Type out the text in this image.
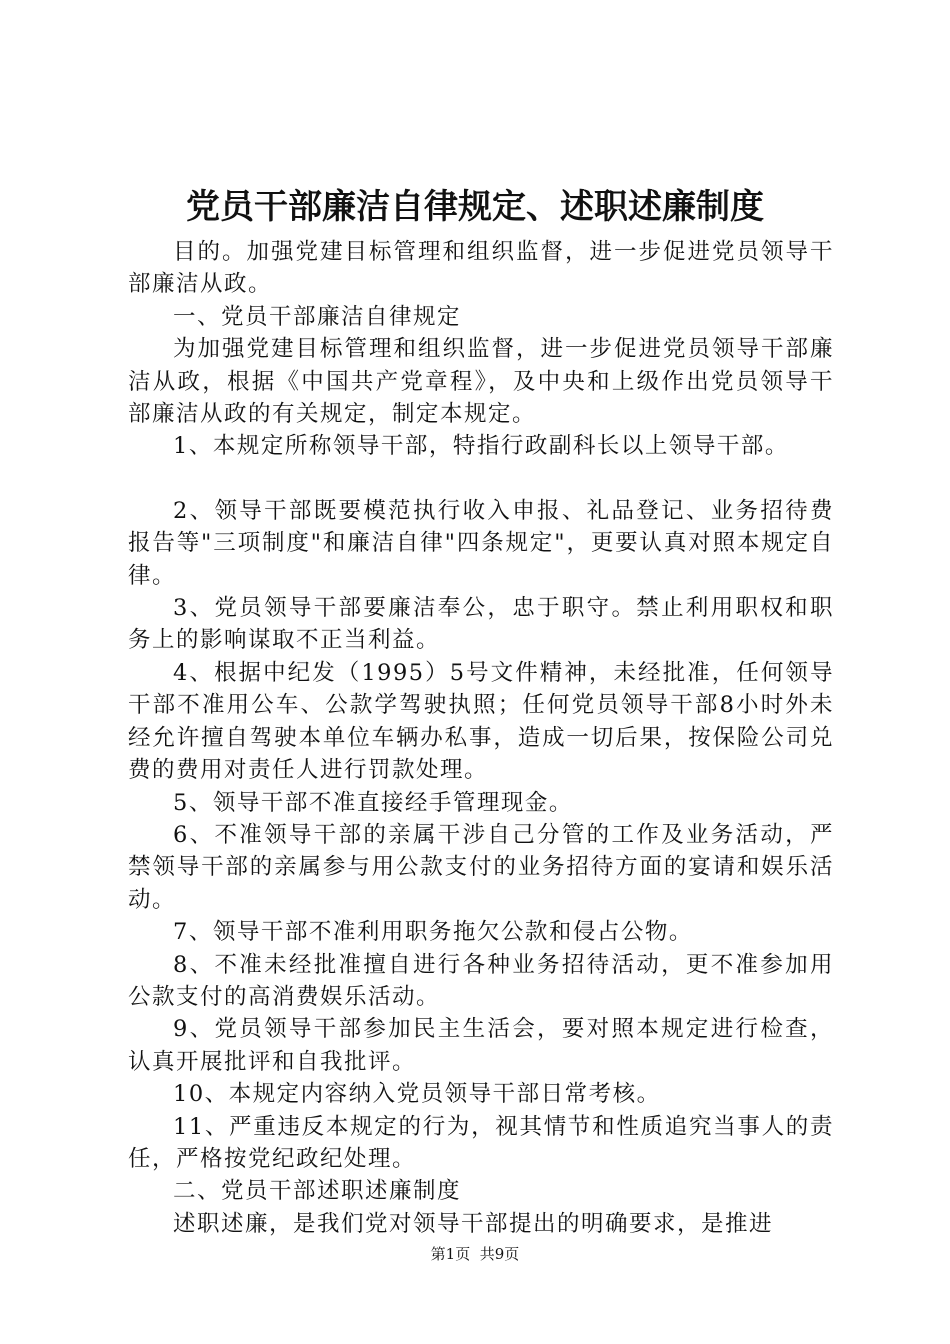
党员干部廉洁自律规定、述职述廉制度

目的。加强党建目标管理和组织监督，进一步促进党员领导干部廉洁从政。

一、党员干部廉洁自律规定

为加强党建目标管理和组织监督，进一步促进党员领导干部廉洁从政，根据《中国共产党章程》，及中央和上级作出党员领导干部廉洁从政的有关规定，制定本规定。

1、本规定所称领导干部，特指行政副科长以上领导干部。

2、领导干部既要模范执行收入申报、礼品登记、业务招待费报告等"三项制度"和廉洁自律"四条规定"，更要认真对照本规定自律。

3、党员领导干部要廉洁奉公，忠于职守。禁止利用职权和职务上的影响谋取不正当利益。

4、根据中纪发（1995）5号文件精神，未经批准，任何领导干部不准用公车、公款学驾驶执照；任何党员领导干部8小时外未经允许擅自驾驶本单位车辆办私事，造成一切后果，按保险公司兑费的费用对责任人进行罚款处理。

5、领导干部不准直接经手管理现金。

6、不准领导干部的亲属干涉自己分管的工作及业务活动，严禁领导干部的亲属参与用公款支付的业务招待方面的宴请和娱乐活动。

7、领导干部不准利用职务拖欠公款和侵占公物。

8、不准未经批准擅自进行各种业务招待活动，更不准参加用公款支付的高消费娱乐活动。

9、党员领导干部参加民主生活会，要对照本规定进行检查，认真开展批评和自我批评。

10、本规定内容纳入党员领导干部日常考核。

11、严重违反本规定的行为，视其情节和性质追究当事人的责任，严格按党纪政纪处理。

二、党员干部述职述廉制度

述职述廉，是我们党对领导干部提出的明确要求，是推进

第1页 共9页
